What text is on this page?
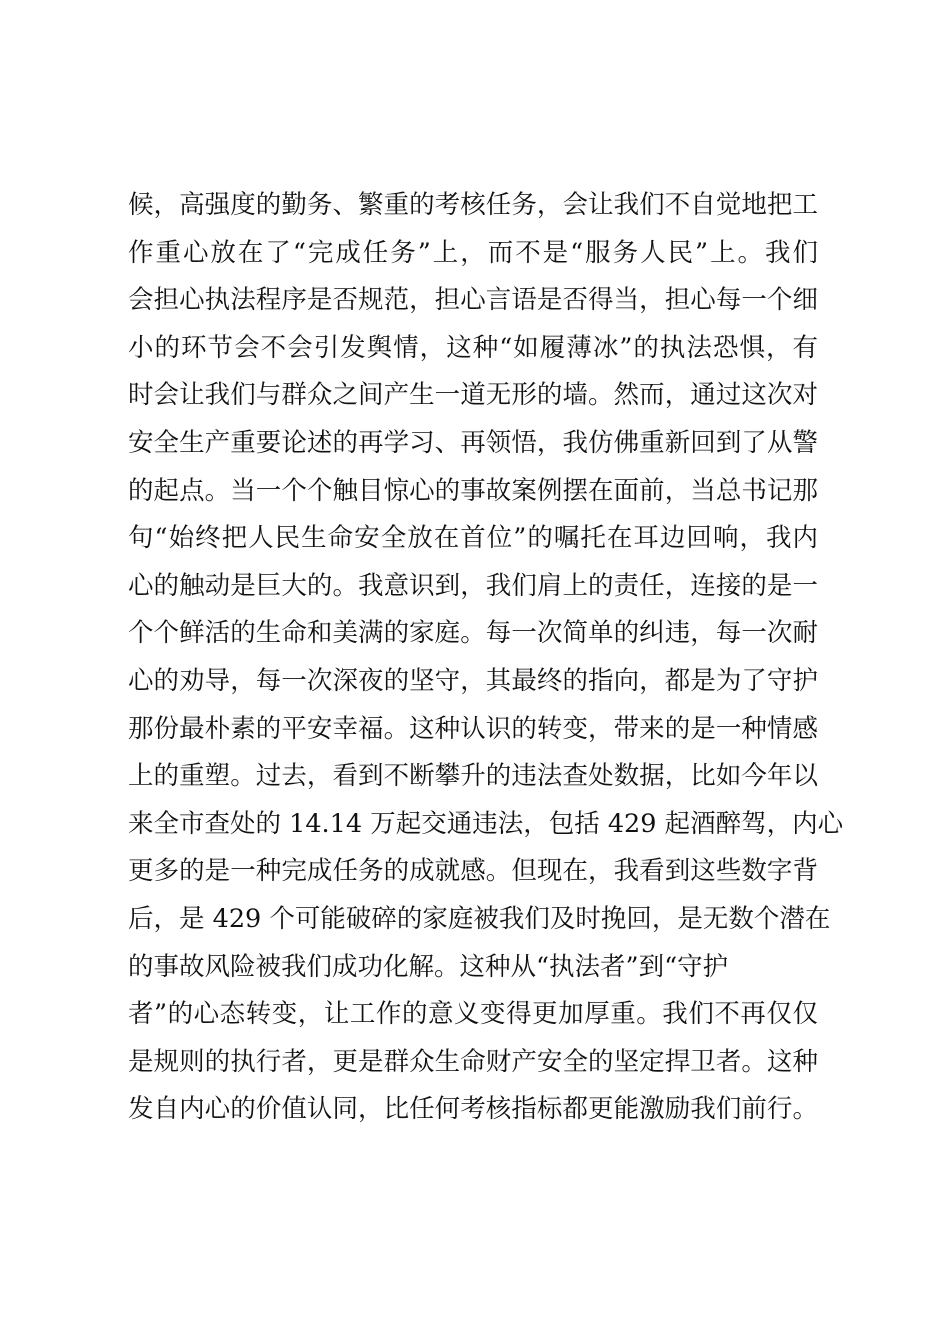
候，高强度的勤务、繁重的考核任务，会让我们不自觉地把工
作重心放在了“完成任务”上，而不是“服务人民”上。我们
会担心执法程序是否规范，担心言语是否得当，担心每一个细
小的环节会不会引发舆情，这种“如履薄冰”的执法恐惧，有
时会让我们与群众之间产生一道无形的墙。然而，通过这次对
安全生产重要论述的再学习、再领悟，我仿佛重新回到了从警
的起点。当一个个触目惊心的事故案例摆在面前，当总书记那
句“始终把人民生命安全放在首位”的嘱托在耳边回响，我内
心的触动是巨大的。我意识到，我们肩上的责任，连接的是一
个个鲜活的生命和美满的家庭。每一次简单的纠违，每一次耐
心的劝导，每一次深夜的坚守，其最终的指向，都是为了守护
那份最朴素的平安幸福。这种认识的转变，带来的是一种情感
上的重塑。过去，看到不断攀升的违法查处数据，比如今年以
来全市查处的 14.14 万起交通违法，包括 429 起酒醉驾，内心
更多的是一种完成任务的成就感。但现在，我看到这些数字背
后，是 429 个可能破碎的家庭被我们及时挽回，是无数个潜在
的事故风险被我们成功化解。这种从“执法者”到“守护
者”的心态转变，让工作的意义变得更加厚重。我们不再仅仅
是规则的执行者，更是群众生命财产安全的坚定捍卫者。这种
发自内心的价值认同，比任何考核指标都更能激励我们前行。
